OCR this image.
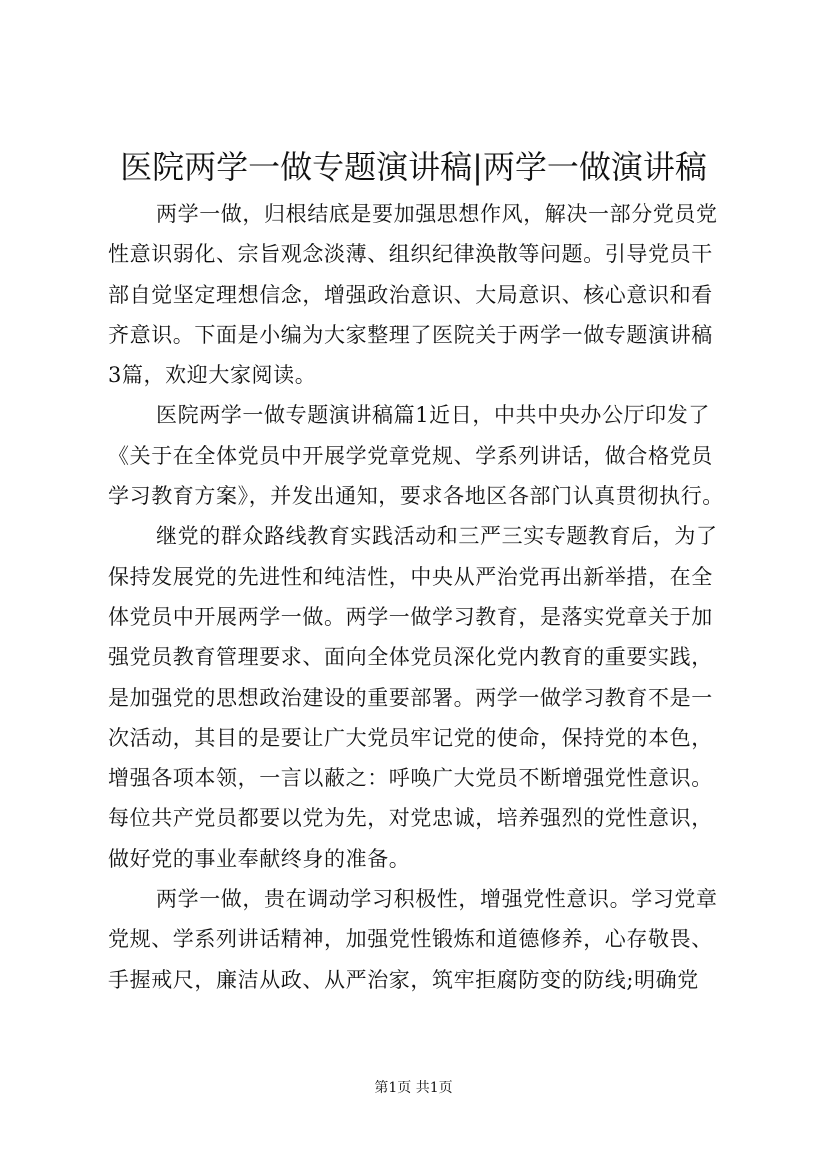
医院两学一做专题演讲稿|两学一做演讲稿
两学一做，归根结底是要加强思想作风，解决一部分党员党
性意识弱化、宗旨观念淡薄、组织纪律涣散等问题。引导党员干
部自觉坚定理想信念，增强政治意识、大局意识、核心意识和看
齐意识。下面是小编为大家整理了医院关于两学一做专题演讲稿
3篇，欢迎大家阅读。
医院两学一做专题演讲稿篇1近日，中共中央办公厅印发了
《关于在全体党员中开展学党章党规、学系列讲话，做合格党员
学习教育方案》，并发出通知，要求各地区各部门认真贯彻执行。
继党的群众路线教育实践活动和三严三实专题教育后，为了
保持发展党的先进性和纯洁性，中央从严治党再出新举措，在全
体党员中开展两学一做。两学一做学习教育，是落实党章关于加
强党员教育管理要求、面向全体党员深化党内教育的重要实践，
是加强党的思想政治建设的重要部署。两学一做学习教育不是一
次活动，其目的是要让广大党员牢记党的使命，保持党的本色，
增强各项本领，一言以蔽之：呼唤广大党员不断增强党性意识。
每位共产党员都要以党为先，对党忠诚，培养强烈的党性意识，
做好党的事业奉献终身的准备。
两学一做，贵在调动学习积极性，增强党性意识。学习党章
党规、学系列讲话精神，加强党性锻炼和道德修养，心存敬畏、
手握戒尺，廉洁从政、从严治家，筑牢拒腐防变的防线;明确党
第1页 共1页
